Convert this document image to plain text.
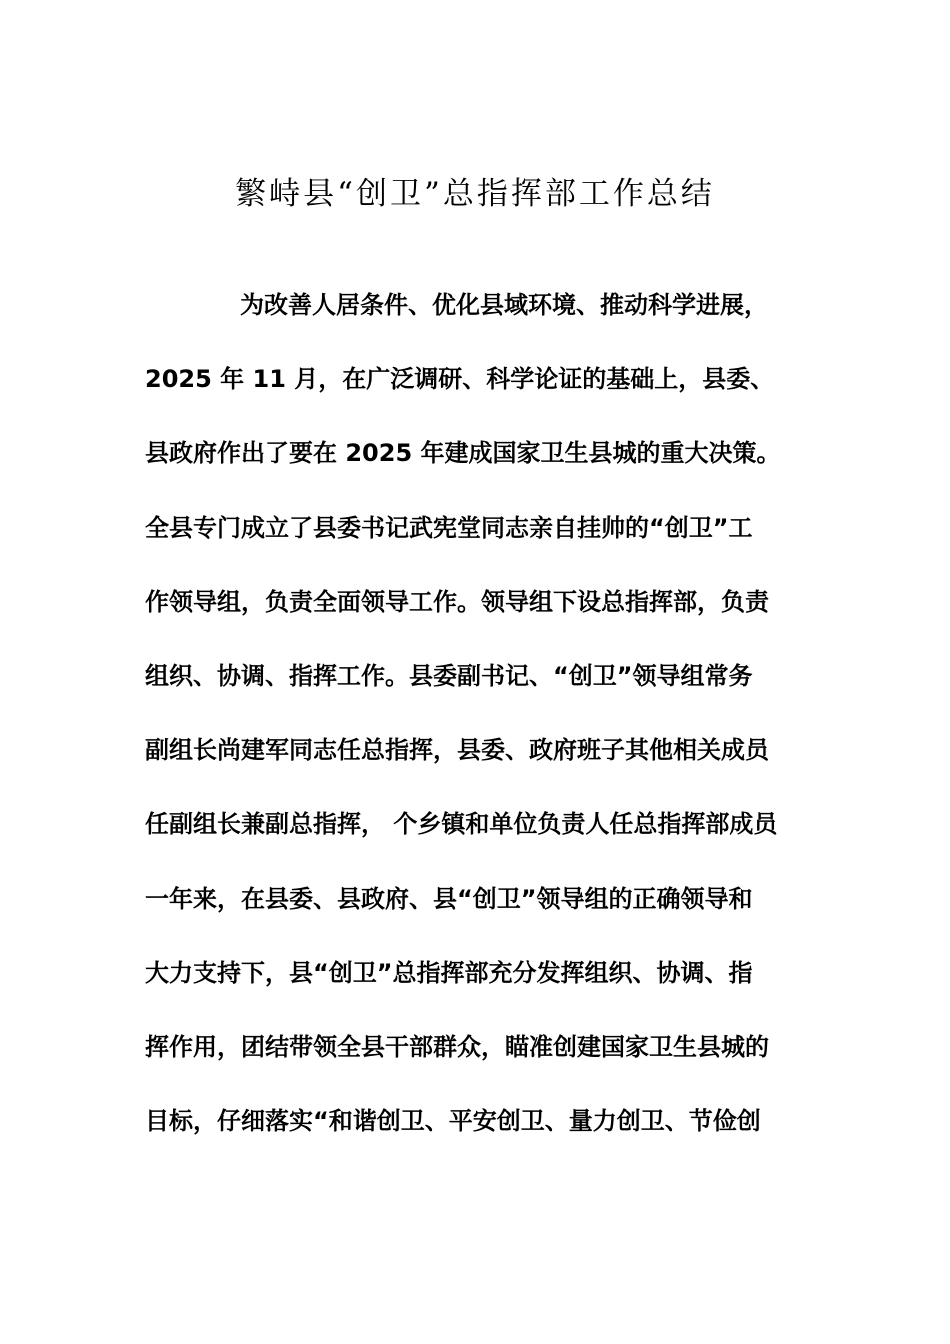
繁峙县“创卫”总指挥部工作总结
为改善人居条件、优化县域环境、推动科学进展，
2025 年 11 月，在广泛调研、科学论证的基础上，县委、
县政府作出了要在 2025 年建成国家卫生县城的重大决策。
全县专门成立了县委书记武宪堂同志亲自挂帅的“创卫”工
作领导组，负责全面领导工作。领导组下设总指挥部，负责
组织、协调、指挥工作。县委副书记、“创卫”领导组常务
副组长尚建军同志任总指挥，县委、政府班子其他相关成员
任副组长兼副总指挥， 个乡镇和单位负责人任总指挥部成员
一年来，在县委、县政府、县“创卫”领导组的正确领导和
大力支持下，县“创卫”总指挥部充分发挥组织、协调、指
挥作用，团结带领全县干部群众，瞄准创建国家卫生县城的
目标，仔细落实“和谐创卫、平安创卫、量力创卫、节俭创
